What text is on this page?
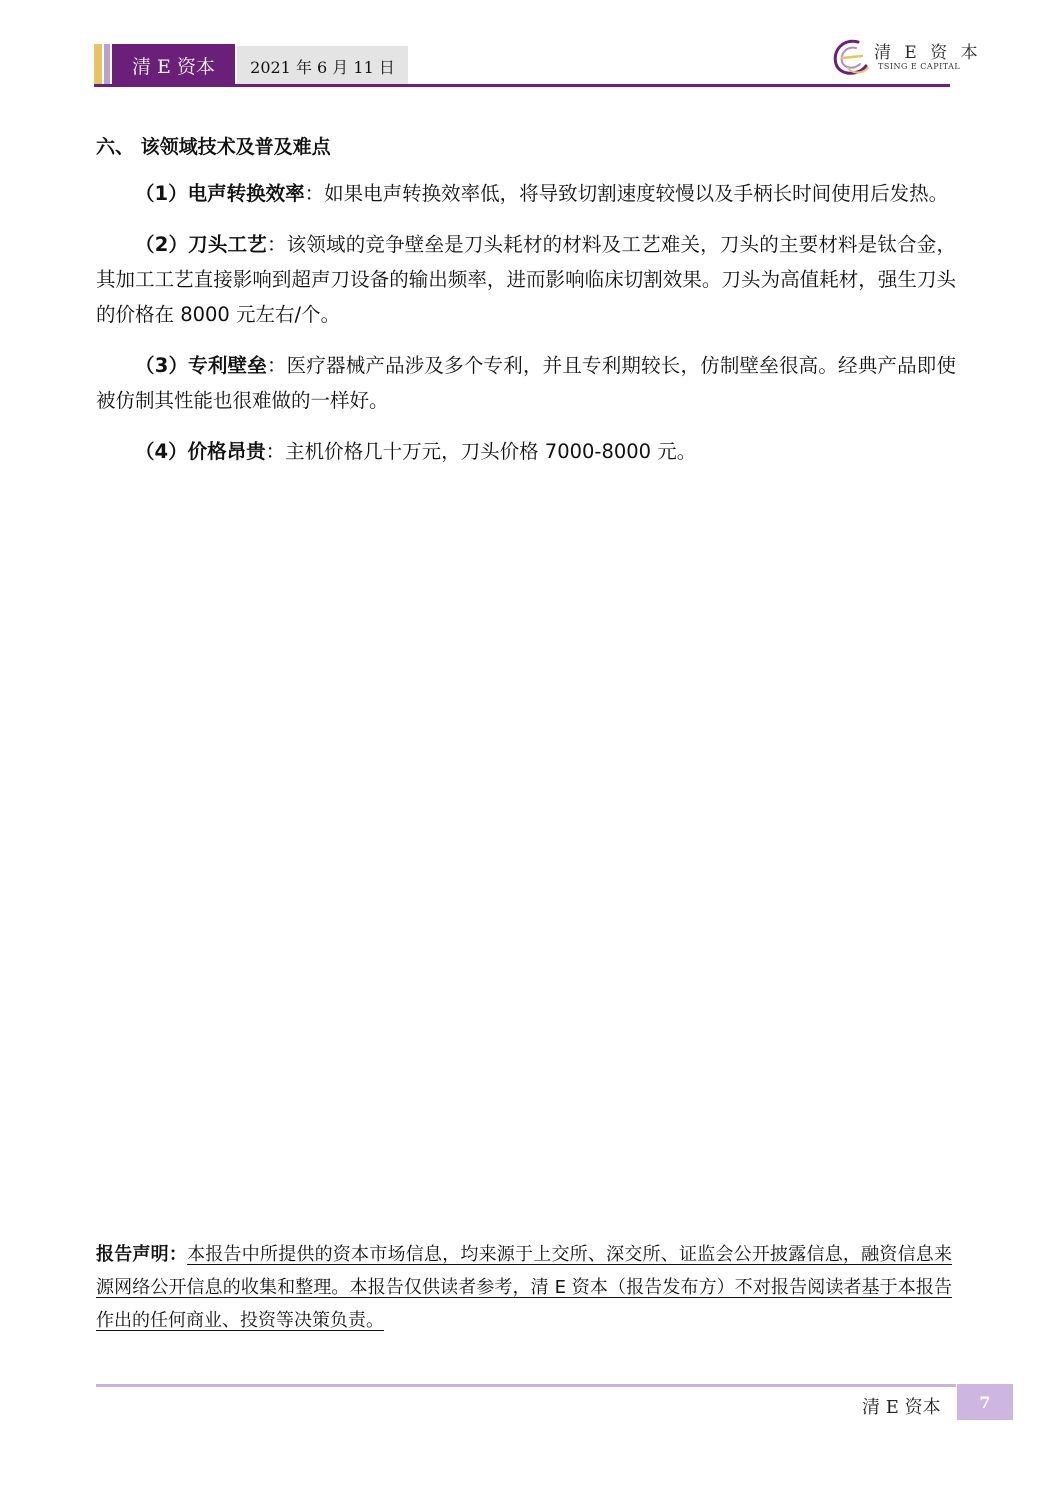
清 E 资本	2021 年 6 月 11 日
清 E 资 本
TSING E CAPITAL
六、 该领域技术及普及难点

（1）电声转换效率：如果电声转换效率低，将导致切割速度较慢以及手柄长时间使用后发热。

（2）刀头工艺：该领域的竞争壁垒是刀头耗材的材料及工艺难关，刀头的主要材料是钛合金，其加工工艺直接影响到超声刀设备的输出频率，进而影响临床切割效果。刀头为高值耗材，强生刀头的价格在 8000 元左右/个。

（3）专利壁垒：医疗器械产品涉及多个专利，并且专利期较长，仿制壁垒很高。经典产品即使被仿制其性能也很难做的一样好。

（4）价格昂贵：主机价格几十万元，刀头价格 7000-8000 元。

报告声明：本报告中所提供的资本市场信息，均来源于上交所、深交所、证监会公开披露信息，融资信息来源网络公开信息的收集和整理。本报告仅供读者参考，清 E 资本（报告发布方）不对报告阅读者基于本报告作出的任何商业、投资等决策负责。
清 E 资本	7
